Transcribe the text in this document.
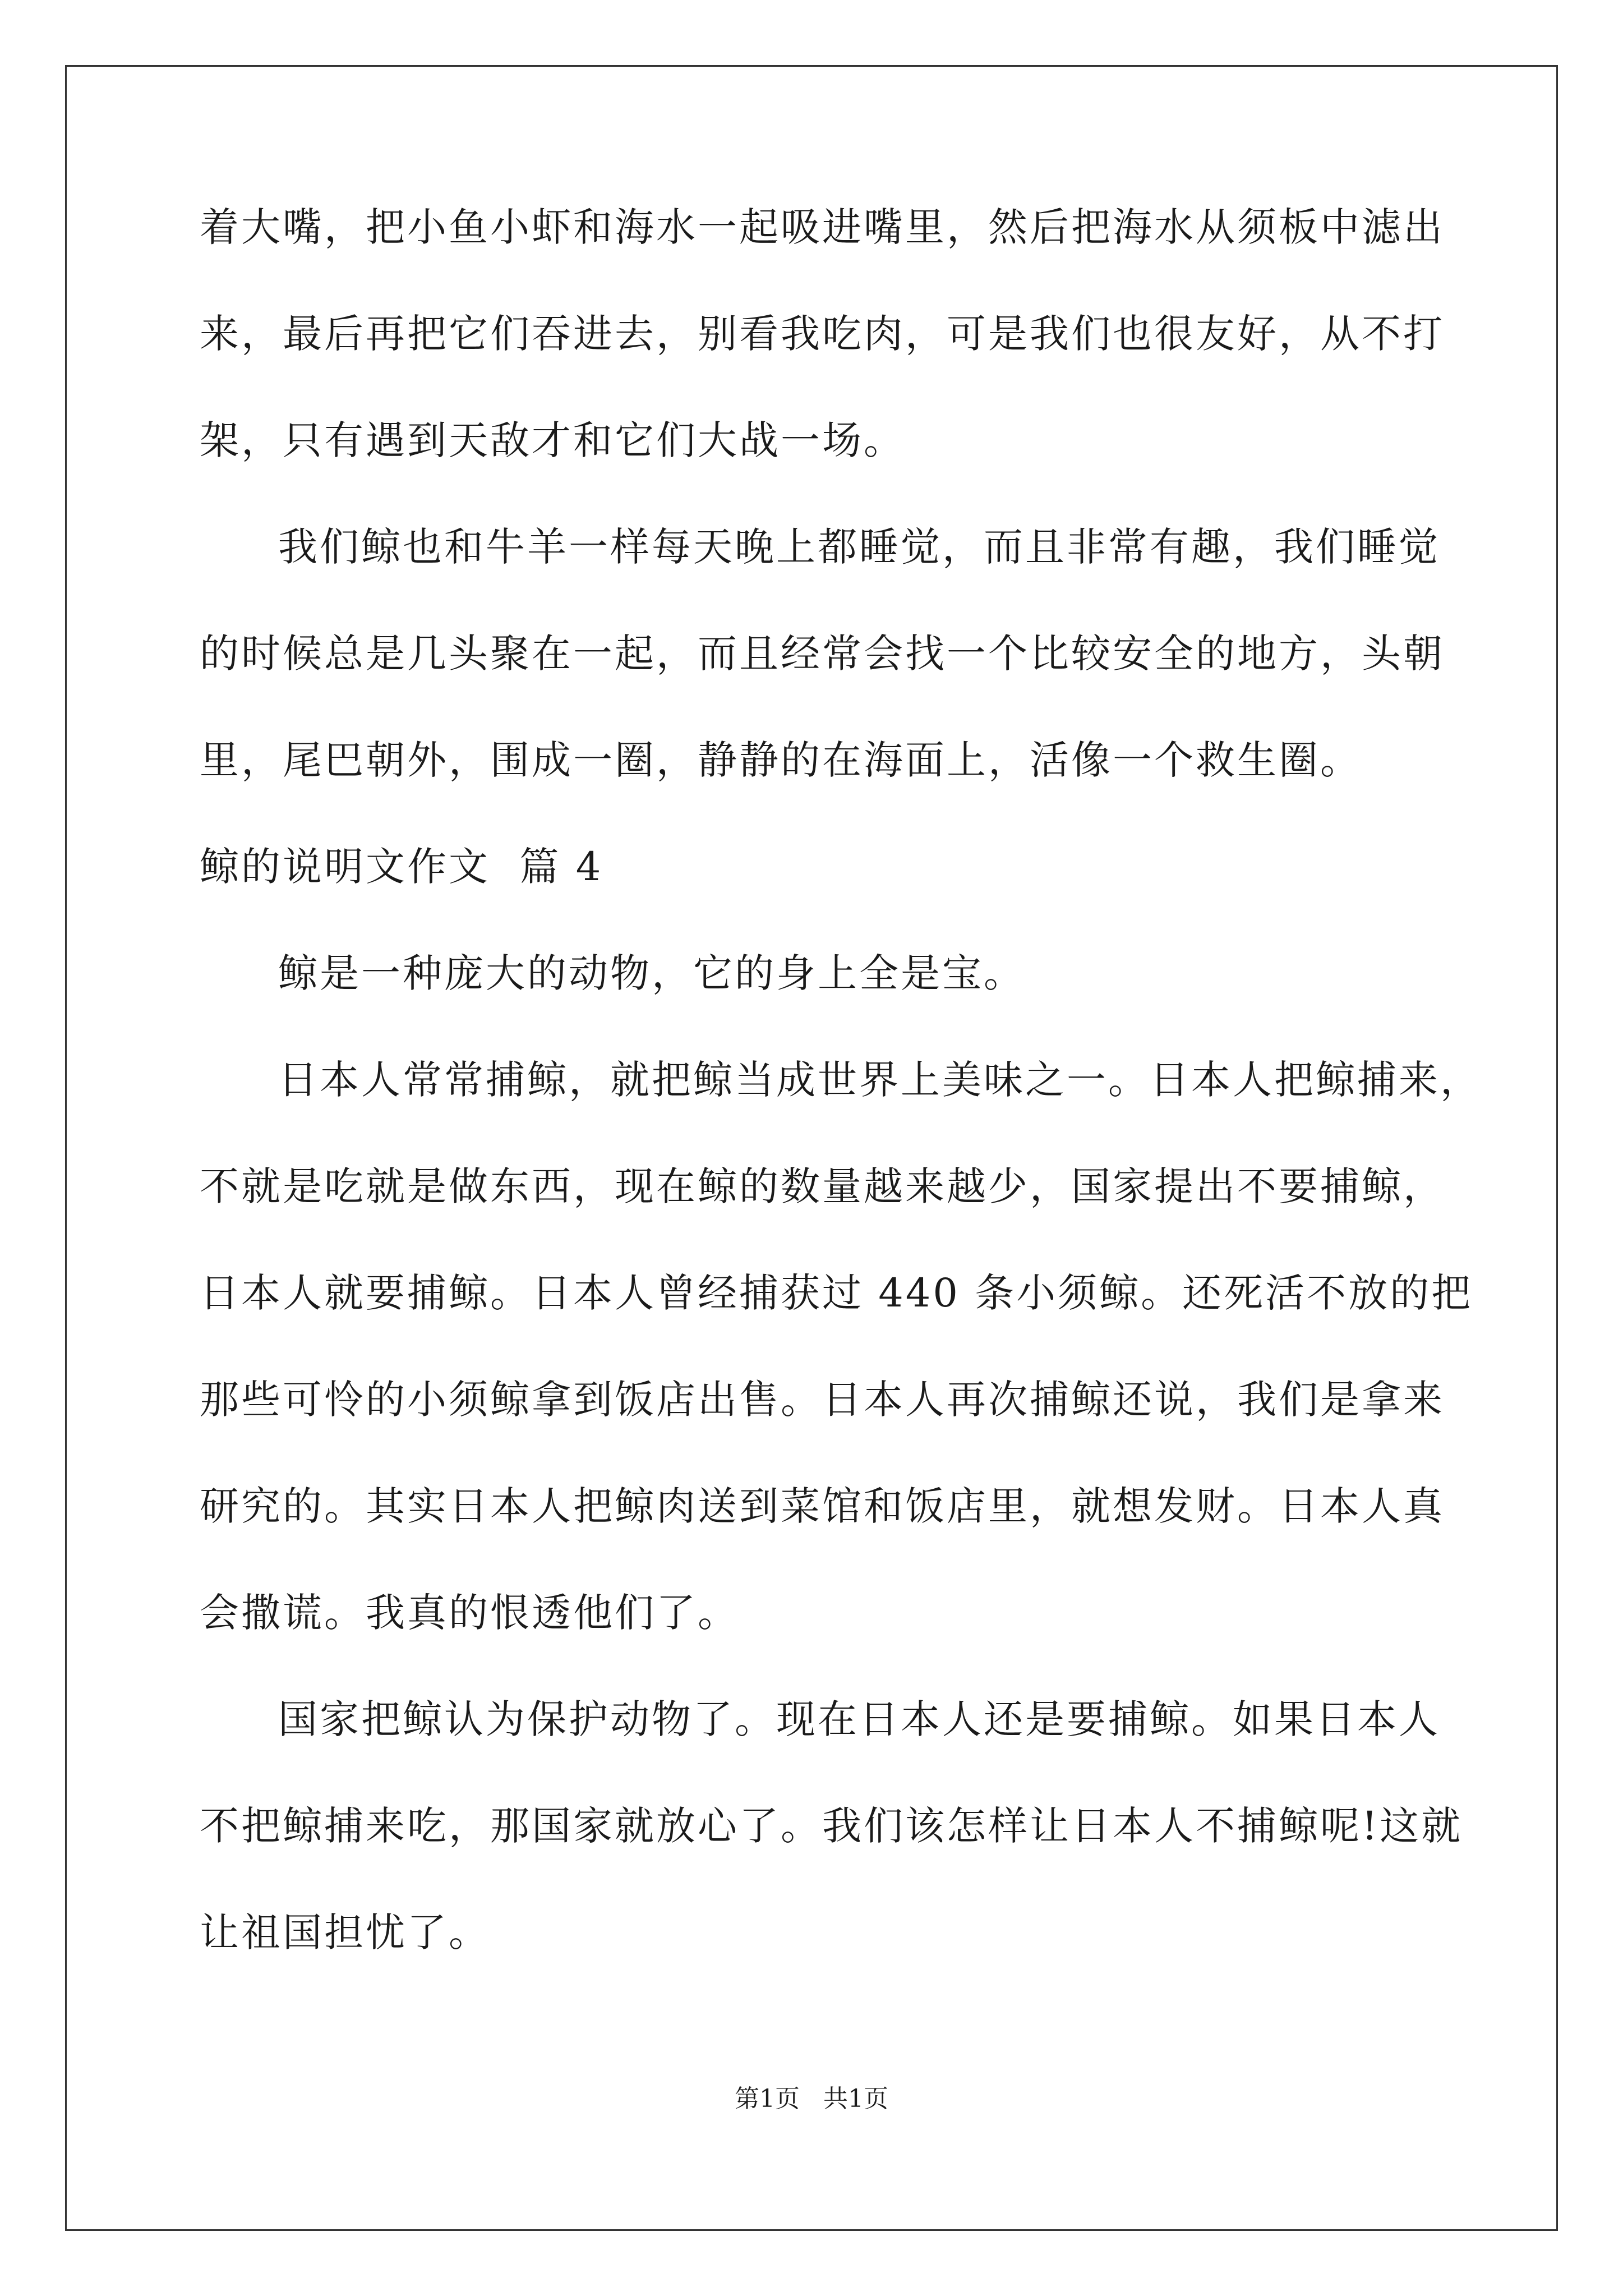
着大嘴，把小鱼小虾和海水一起吸进嘴里，然后把海水从须板中滤出
来，最后再把它们吞进去，别看我吃肉，可是我们也很友好，从不打
架，只有遇到天敌才和它们大战一场。
我们鲸也和牛羊一样每天晚上都睡觉，而且非常有趣，我们睡觉
的时候总是几头聚在一起，而且经常会找一个比较安全的地方，头朝
里，尾巴朝外，围成一圈，静静的在海面上，活像一个救生圈。
鲸的说明文作文  篇 4
鲸是一种庞大的动物，它的身上全是宝。
日本人常常捕鲸，就把鲸当成世界上美味之一。日本人把鲸捕来，
不就是吃就是做东西，现在鲸的数量越来越少，国家提出不要捕鲸，
日本人就要捕鲸。日本人曾经捕获过 440 条小须鲸。还死活不放的把
那些可怜的小须鲸拿到饭店出售。日本人再次捕鲸还说，我们是拿来
研究的。其实日本人把鲸肉送到菜馆和饭店里，就想发财。日本人真
会撒谎。我真的恨透他们了。
国家把鲸认为保护动物了。现在日本人还是要捕鲸。如果日本人
不把鲸捕来吃，那国家就放心了。我们该怎样让日本人不捕鲸呢!这就
让祖国担忧了。
第1页   共1页
